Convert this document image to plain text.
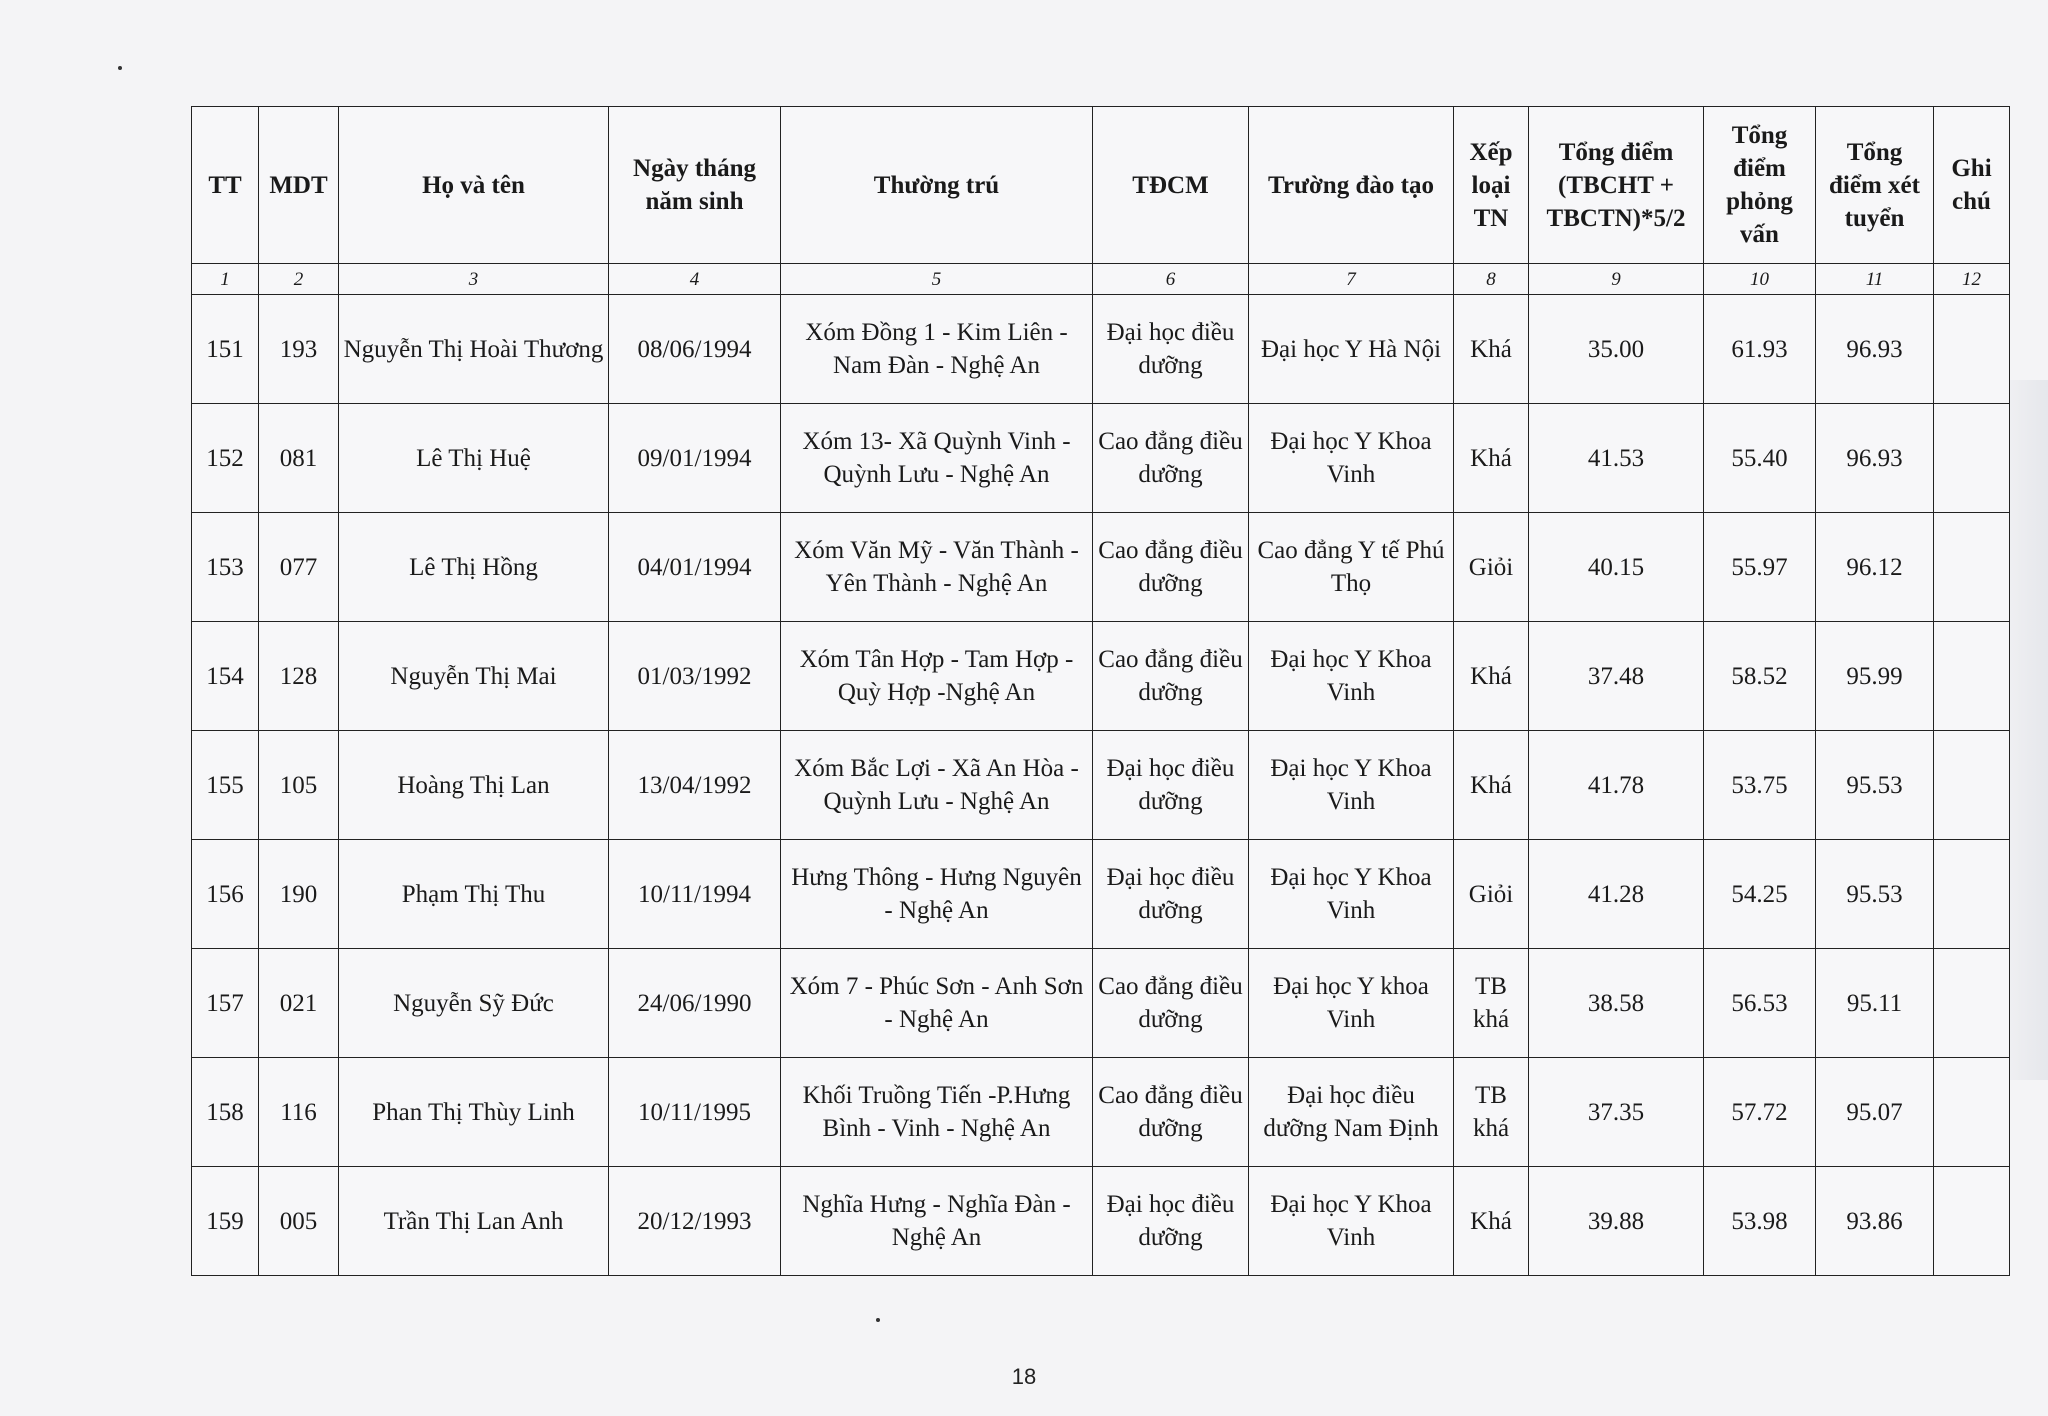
TT	MDT	Họ và tên	Ngày tháng năm sinh	Thường trú	TĐCM	Trường đào tạo	Xếp loại TN	Tổng điểm (TBCHT + TBCTN)*5/2	Tổng điểm phỏng vấn	Tổng điểm xét tuyển	Ghi chú
1	2	3	4	5	6	7	8	9	10	11	12
151	193	Nguyễn Thị Hoài Thương	08/06/1994	Xóm Đồng 1 - Kim Liên - Nam Đàn - Nghệ An	Đại học điều dưỡng	Đại học Y Hà Nội	Khá	35.00	61.93	96.93	
152	081	Lê Thị Huệ	09/01/1994	Xóm 13- Xã Quỳnh Vinh - Quỳnh Lưu - Nghệ An	Cao đẳng điều dưỡng	Đại học Y Khoa Vinh	Khá	41.53	55.40	96.93	
153	077	Lê Thị Hồng	04/01/1994	Xóm Văn Mỹ - Văn Thành - Yên Thành - Nghệ An	Cao đẳng điều dưỡng	Cao đẳng Y tế Phú Thọ	Giỏi	40.15	55.97	96.12	
154	128	Nguyễn Thị Mai	01/03/1992	Xóm Tân Hợp - Tam Hợp - Quỳ Hợp -Nghệ An	Cao đẳng điều dưỡng	Đại học Y Khoa Vinh	Khá	37.48	58.52	95.99	
155	105	Hoàng Thị Lan	13/04/1992	Xóm Bắc Lợi - Xã An Hòa - Quỳnh Lưu - Nghệ An	Đại học điều dưỡng	Đại học Y Khoa Vinh	Khá	41.78	53.75	95.53	
156	190	Phạm Thị Thu	10/11/1994	Hưng Thông - Hưng Nguyên - Nghệ An	Đại học điều dưỡng	Đại học Y Khoa Vinh	Giỏi	41.28	54.25	95.53	
157	021	Nguyễn Sỹ Đức	24/06/1990	Xóm 7 - Phúc Sơn - Anh Sơn - Nghệ An	Cao đẳng điều dưỡng	Đại học Y khoa Vinh	TB khá	38.58	56.53	95.11	
158	116	Phan Thị Thùy Linh	10/11/1995	Khối Truồng Tiến -P.Hưng Bình - Vinh - Nghệ An	Cao đẳng điều dưỡng	Đại học điều dưỡng Nam Định	TB khá	37.35	57.72	95.07	
159	005	Trần Thị Lan Anh	20/12/1993	Nghĩa Hưng - Nghĩa Đàn - Nghệ An	Đại học điều dưỡng	Đại học Y Khoa Vinh	Khá	39.88	53.98	93.86	
18
